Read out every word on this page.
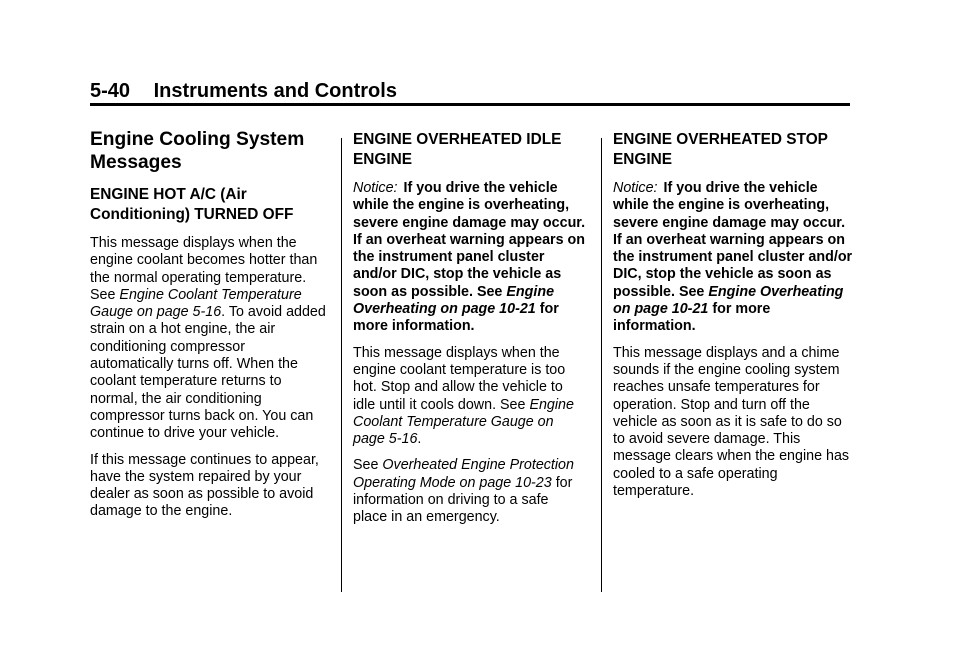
5-40 Instruments and Controls
Engine Cooling System Messages
ENGINE HOT A/C (Air Conditioning) TURNED OFF

This message displays when the engine coolant becomes hotter than the normal operating temperature. See Engine Coolant Temperature Gauge on page 5-16. To avoid added strain on a hot engine, the air conditioning compressor automatically turns off. When the coolant temperature returns to normal, the air conditioning compressor turns back on. You can continue to drive your vehicle.

If this message continues to appear, have the system repaired by your dealer as soon as possible to avoid damage to the engine.

ENGINE OVERHEATED IDLE ENGINE

Notice: If you drive the vehicle while the engine is overheating, severe engine damage may occur. If an overheat warning appears on the instrument panel cluster and/or DIC, stop the vehicle as soon as possible. See Engine Overheating on page 10-21 for more information.

This message displays when the engine coolant temperature is too hot. Stop and allow the vehicle to idle until it cools down. See Engine Coolant Temperature Gauge on page 5-16.

See Overheated Engine Protection Operating Mode on page 10-23 for information on driving to a safe place in an emergency.

ENGINE OVERHEATED STOP ENGINE

Notice: If you drive the vehicle while the engine is overheating, severe engine damage may occur. If an overheat warning appears on the instrument panel cluster and/or DIC, stop the vehicle as soon as possible. See Engine Overheating on page 10-21 for more information.

This message displays and a chime sounds if the engine cooling system reaches unsafe temperatures for operation. Stop and turn off the vehicle as soon as it is safe to do so to avoid severe damage. This message clears when the engine has cooled to a safe operating temperature.
